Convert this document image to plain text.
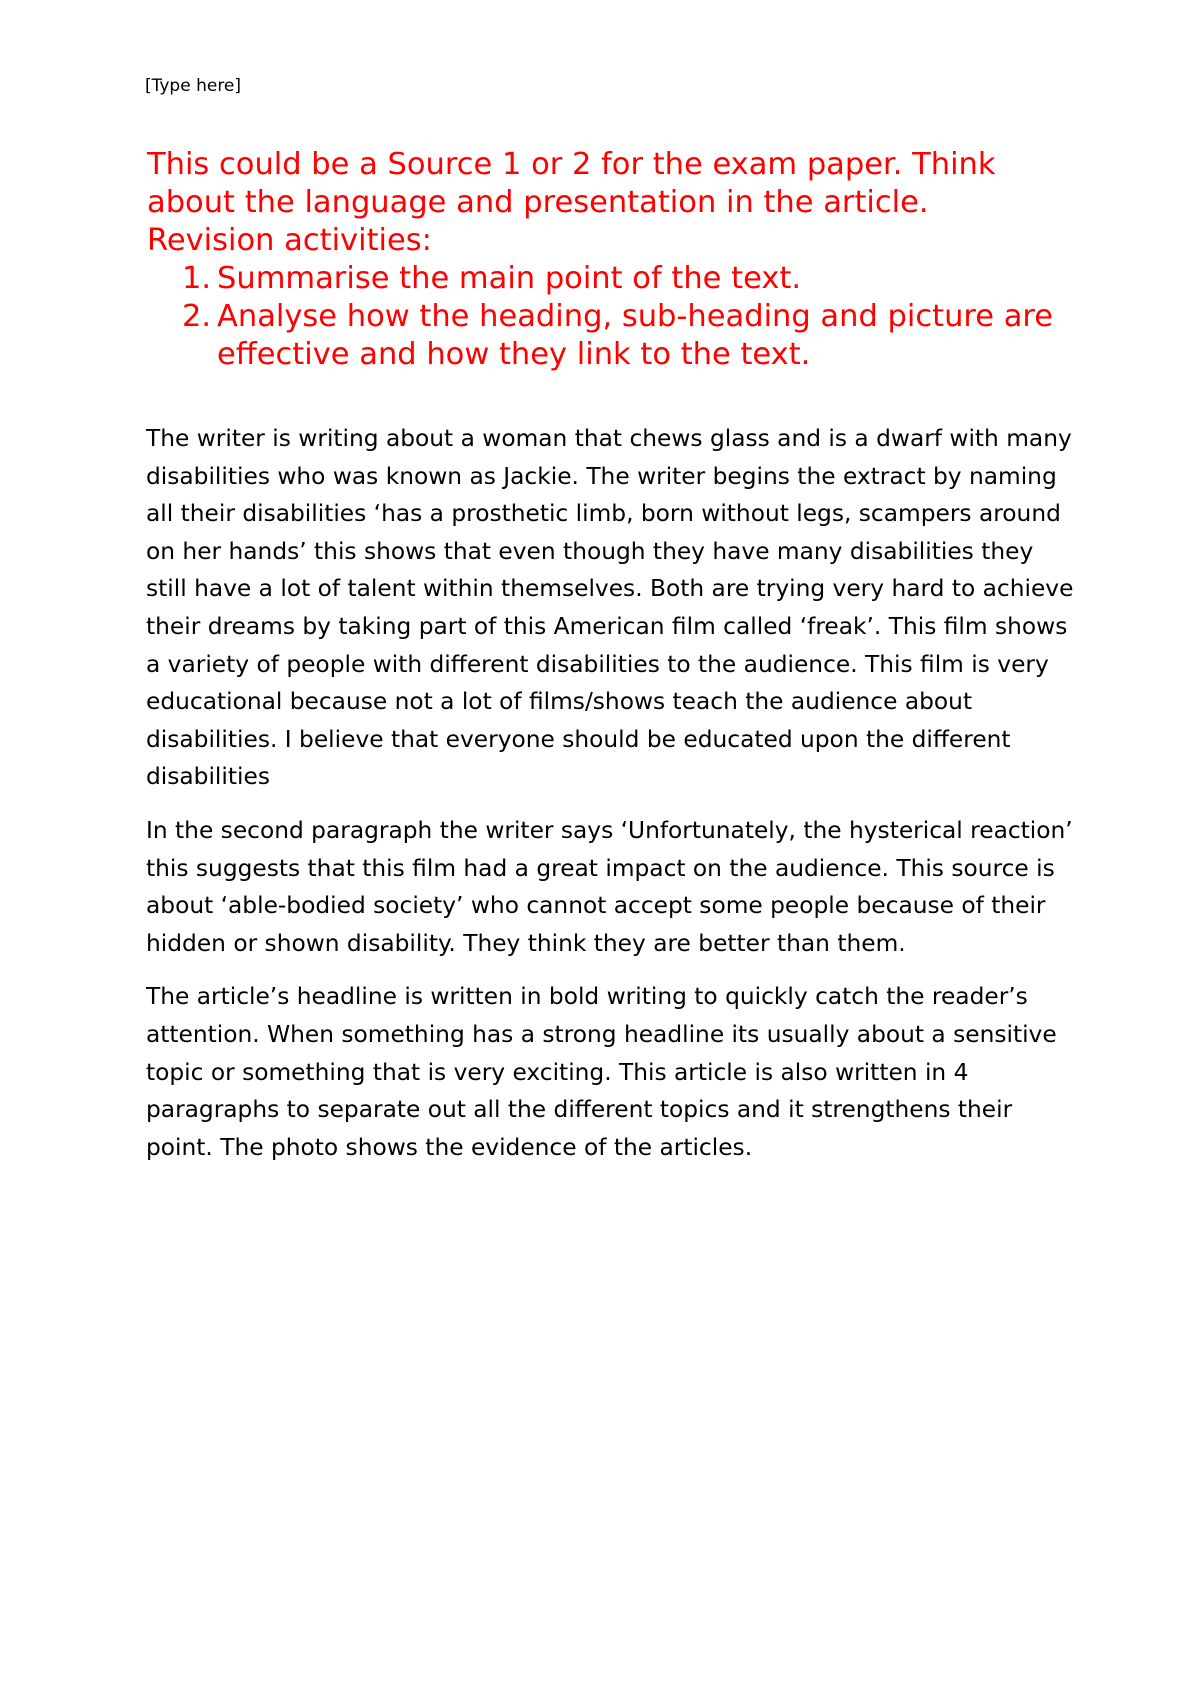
[Type here]

This could be a Source 1 or 2 for the exam paper. Think about the language and presentation in the article.

Revision activities:

1. Summarise the main point of the text.
2. Analyse how the heading, sub-heading and picture are effective and how they link to the text.

The writer is writing about a woman that chews glass and is a dwarf with many disabilities who was known as Jackie. The writer begins the extract by naming all their disabilities ‘has a prosthetic limb, born without legs, scampers around on her hands’ this shows that even though they have many disabilities they still have a lot of talent within themselves. Both are trying very hard to achieve their dreams by taking part of this American film called ‘freak’. This film shows a variety of people with different disabilities to the audience. This film is very educational because not a lot of films/shows teach the audience about disabilities. I believe that everyone should be educated upon the different disabilities

In the second paragraph the writer says ‘Unfortunately, the hysterical reaction’ this suggests that this film had a great impact on the audience. This source is about ‘able-bodied society’ who cannot accept some people because of their hidden or shown disability. They think they are better than them.

The article’s headline is written in bold writing to quickly catch the reader’s attention. When something has a strong headline its usually about a sensitive topic or something that is very exciting. This article is also written in 4 paragraphs to separate out all the different topics and it strengthens their point. The photo shows the evidence of the articles.
